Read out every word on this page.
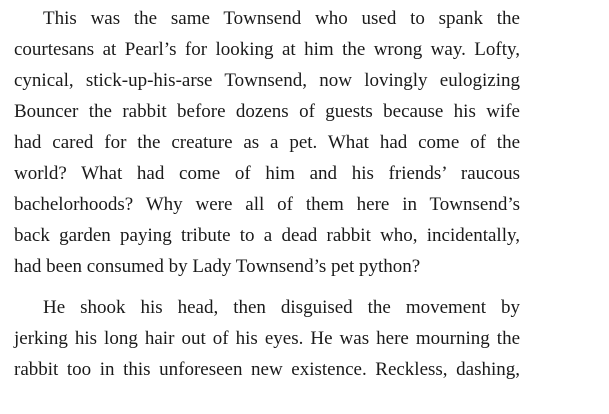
This was the same Townsend who used to spank the
courtesans at Pearl’s for looking at him the wrong way. Lofty,
cynical, stick-up-his-arse Townsend, now lovingly eulogizing
Bouncer the rabbit before dozens of guests because his wife
had cared for the creature as a pet. What had come of the
world? What had come of him and his friends’ raucous
bachelorhoods? Why were all of them here in Townsend’s
back garden paying tribute to a dead rabbit who, incidentally,
had been consumed by Lady Townsend’s pet python?
He shook his head, then disguised the movement by
jerking his long hair out of his eyes. He was here mourning the
rabbit too in this unforeseen new existence. Reckless, dashing,
